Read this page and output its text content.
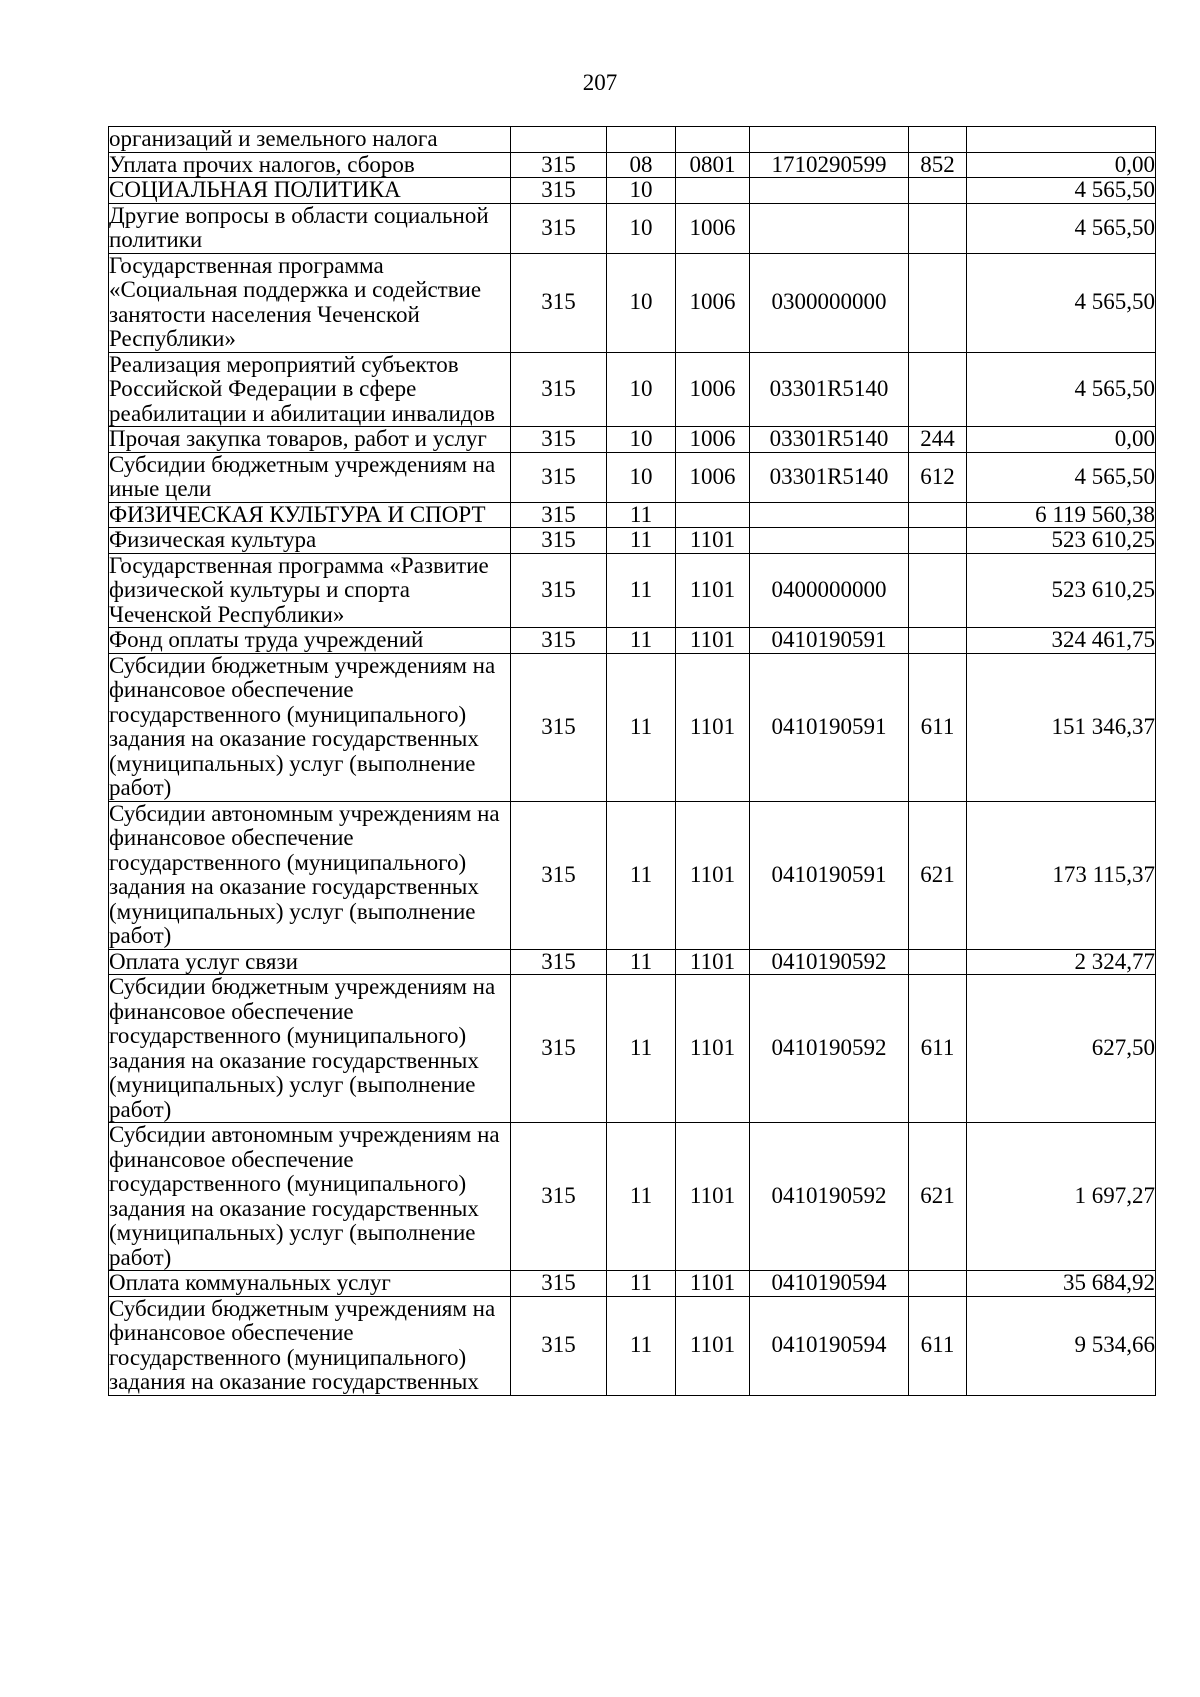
207
организаций и земельного налога						
Уплата прочих налогов, сборов	315	08	0801	1710290599	852	0,00
СОЦИАЛЬНАЯ ПОЛИТИКА	315	10				4 565,50
Другие вопросы в области социальной политики	315	10	1006			4 565,50
Государственная программа «Социальная поддержка и содействие занятости населения Чеченской Республики»	315	10	1006	0300000000		4 565,50
Реализация мероприятий субъектов Российской Федерации в сфере реабилитации и абилитации инвалидов	315	10	1006	03301R5140		4 565,50
Прочая закупка товаров, работ и услуг	315	10	1006	03301R5140	244	0,00
Субсидии бюджетным учреждениям на иные цели	315	10	1006	03301R5140	612	4 565,50
ФИЗИЧЕСКАЯ КУЛЬТУРА И СПОРТ	315	11				6 119 560,38
Физическая культура	315	11	1101			523 610,25
Государственная программа «Развитие физической культуры и спорта Чеченской Республики»	315	11	1101	0400000000		523 610,25
Фонд оплаты труда учреждений	315	11	1101	0410190591		324 461,75
Субсидии бюджетным учреждениям на финансовое обеспечение государственного (муниципального) задания на оказание государственных (муниципальных) услуг (выполнение работ)	315	11	1101	0410190591	611	151 346,37
Субсидии автономным учреждениям на финансовое обеспечение государственного (муниципального) задания на оказание государственных (муниципальных) услуг (выполнение работ)	315	11	1101	0410190591	621	173 115,37
Оплата услуг связи	315	11	1101	0410190592		2 324,77
Субсидии бюджетным учреждениям на финансовое обеспечение государственного (муниципального) задания на оказание государственных (муниципальных) услуг (выполнение работ)	315	11	1101	0410190592	611	627,50
Субсидии автономным учреждениям на финансовое обеспечение государственного (муниципального) задания на оказание государственных (муниципальных) услуг (выполнение работ)	315	11	1101	0410190592	621	1 697,27
Оплата коммунальных услуг	315	11	1101	0410190594		35 684,92
Субсидии бюджетным учреждениям на финансовое обеспечение государственного (муниципального) задания на оказание государственных	315	11	1101	0410190594	611	9 534,66
